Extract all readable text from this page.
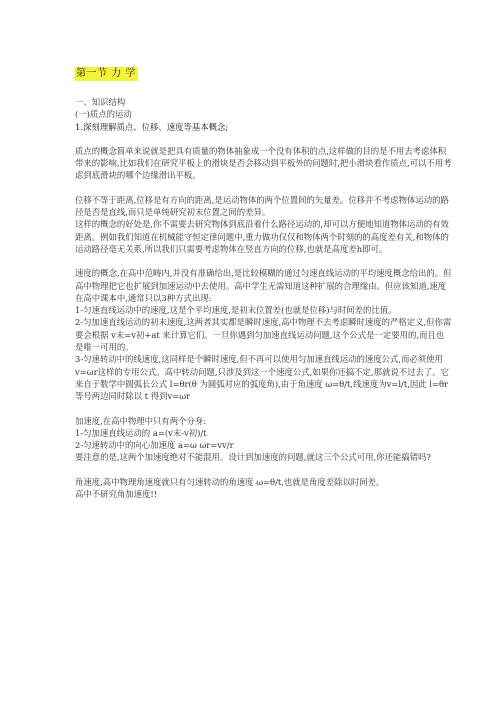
第一节 力 学

一、知识结构

(一)质点的运动

1.深刻理解质点、位移、速度等基本概念;

质点的概念简单来说就是把具有质量的物体抽象成一个没有体积的点,这样做的目的是不用去考虑体积带来的影响,比如我们在研究平板上的滑块是否会移动到平板外的问题时,把小滑块看作质点,可以不用考虑到底滑块的哪个边缘滑出平板。

位移不等于距离,位移是有方向的距离,是运动物体的两个位置间的矢量差。位移并不考虑物体运动的路径是否是直线,而只是单纯研究初末位置之间的差异。

这样的概念的好处是,你不需要去研究物体到底沿着什么路径运动的,却可以方便地知道物体运动的有效距离。例如我们知道在机械能守恒定律问题中,重力做功仅仅和物体两个时刻的的高度差有关,和物体的运动路径毫无关系,所以我们只需要考虑物体在竖直方向的位移,也就是高度差h即可。

速度的概念,在高中范畴内,并没有准确给出,是比较模糊的通过匀速直线运动的平均速度概念给出的。但高中物理把它也扩展到加速运动中去使用。高中学生无需知道这种扩展的合理缘由。但应该知道,速度在高中课本中,通常只以3种方式出现:

1-匀速直线运动中的速度,这是个平均速度,是初末位置差(也就是位移)与时间差的比值。

2-匀加速直线运动的初末速度,这两者其实都是瞬时速度,高中物理不去考虑瞬时速度的严格定义,但你需要会根据 v末=v初+at 来计算它们。一旦你遇到匀加速直线运动问题,这个公式是一定要用的,而且也是唯一可用的。

3-匀速转动中的线速度,这同样是个瞬时速度,但不再可以使用匀加速直线运动的速度公式,而必须使用v=ωr这样的专用公式。高中转动问题,只涉及到这一个速度公式,如果你还搞不定,那就说不过去了。它来自于数学中圆弧长公式 l=θr(θ 为圆弧对应的弧度角),由于角速度 ω=θ/t,线速度为v=l/t,因此 l=θr 等号两边同时除以 t 得到v=ωr

加速度,在高中物理中只有两个分身:

1-匀加速直线运动的 a=(v末-v初)/t

2-匀速转动中的向心加速度 a=ω ωr=vv/r

要注意的是,这两个加速度绝对不能混用。设计到加速度的问题,就这三个公式可用,你还能搞错吗?

角速度,高中物理角速度就只有匀速转动的角速度 ω=θ/t,也就是角度差除以时间差。

高中不研究角加速度!!
